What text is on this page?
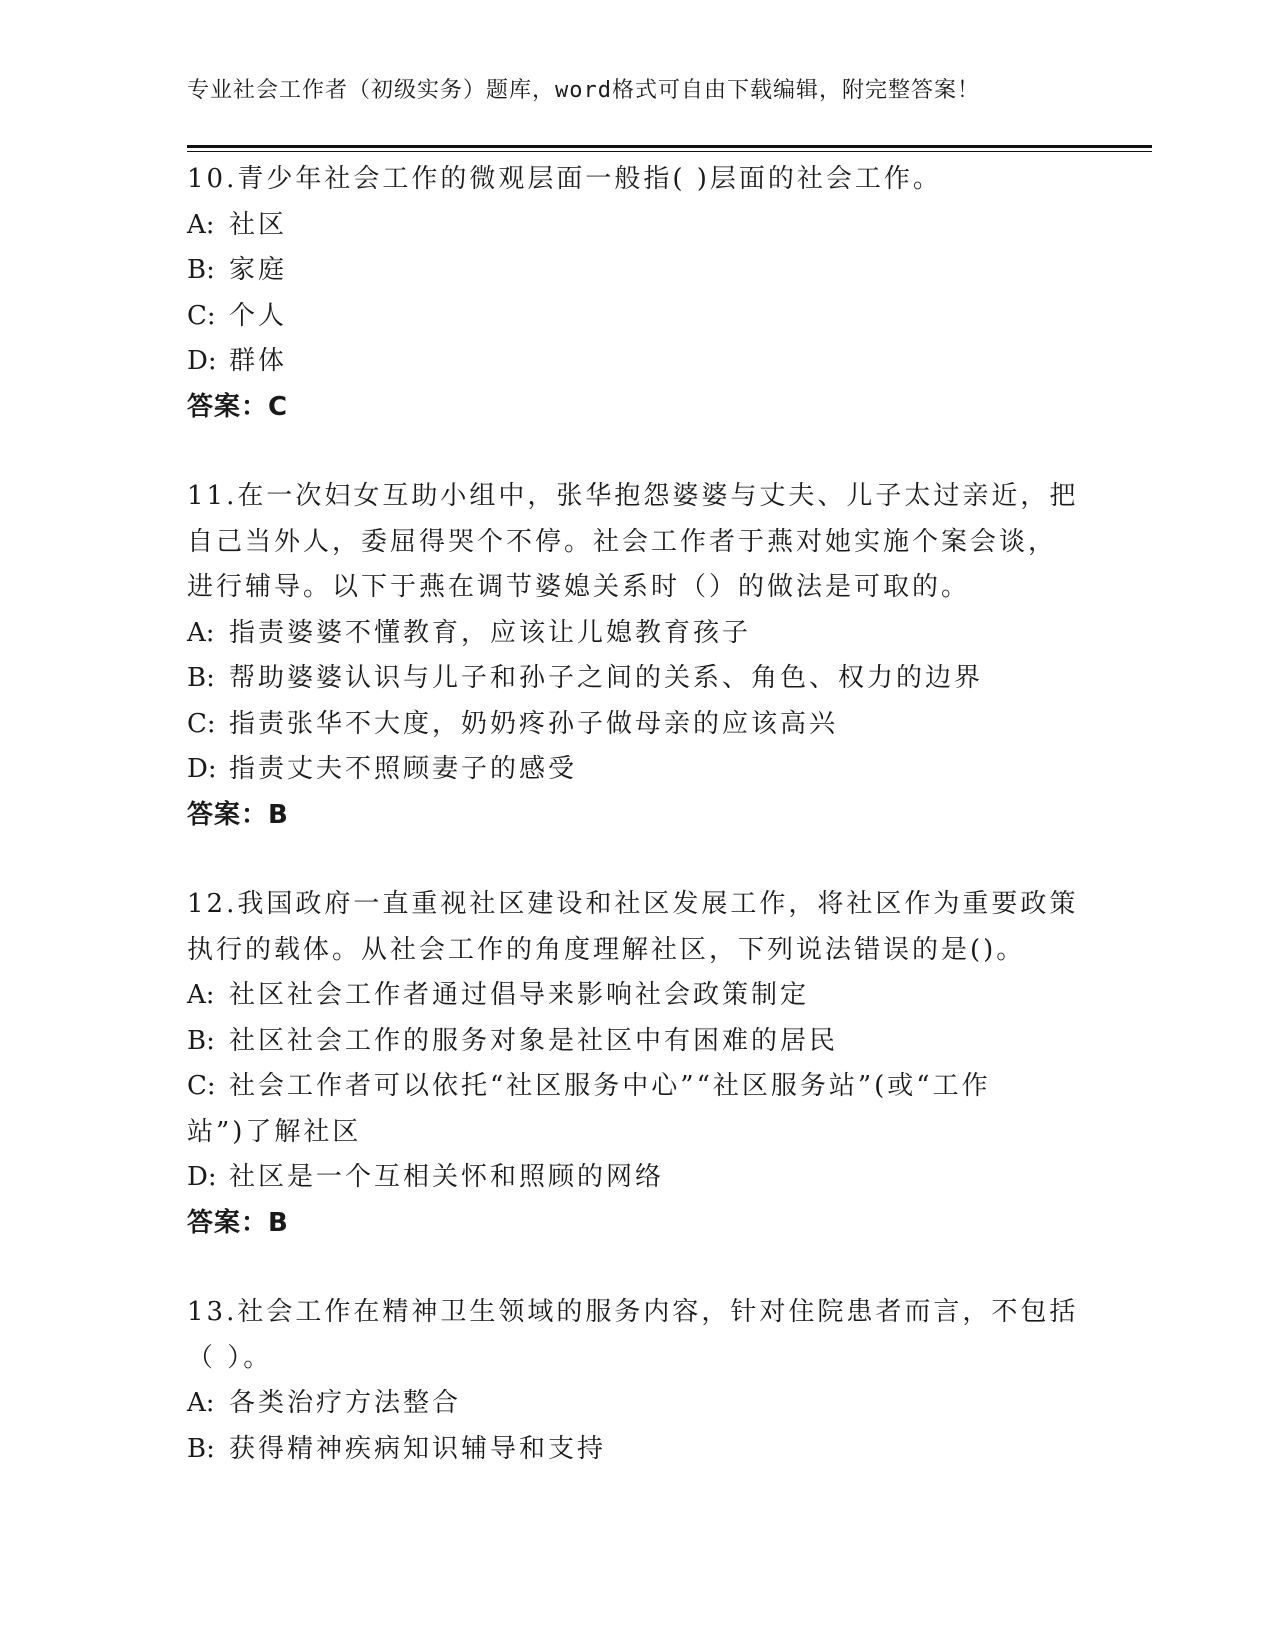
专业社会工作者（初级实务）题库，word格式可自由下载编辑，附完整答案！
10.青少年社会工作的微观层面一般指( )层面的社会工作。
A: 社区
B: 家庭
C: 个人
D: 群体
答案：C
11.在一次妇女互助小组中，张华抱怨婆婆与丈夫、儿子太过亲近，把
自己当外人，委屈得哭个不停。社会工作者于燕对她实施个案会谈，
进行辅导。以下于燕在调节婆媳关系时（）的做法是可取的。
A: 指责婆婆不懂教育，应该让儿媳教育孩子
B: 帮助婆婆认识与儿子和孙子之间的关系、角色、权力的边界
C: 指责张华不大度，奶奶疼孙子做母亲的应该高兴
D: 指责丈夫不照顾妻子的感受
答案：B
12.我国政府一直重视社区建设和社区发展工作，将社区作为重要政策
执行的载体。从社会工作的角度理解社区，下列说法错误的是()。
A: 社区社会工作者通过倡导来影响社会政策制定
B: 社区社会工作的服务对象是社区中有困难的居民
C: 社会工作者可以依托“社区服务中心”“社区服务站”(或“工作
站”)了解社区
D: 社区是一个互相关怀和照顾的网络
答案：B
13.社会工作在精神卫生领域的服务内容，针对住院患者而言，不包括
（ ）。
A: 各类治疗方法整合
B: 获得精神疾病知识辅导和支持
